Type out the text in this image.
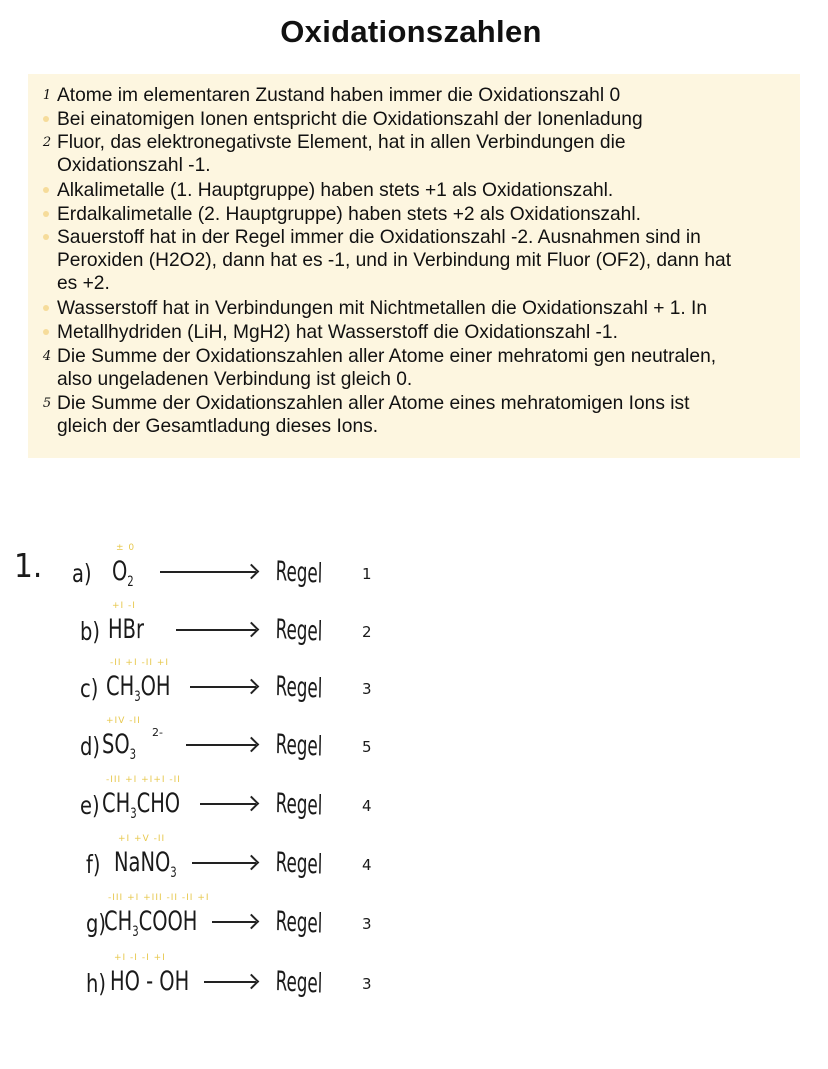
Oxidationszahlen
1 Atome im elementaren Zustand haben immer die Oxidationszahl 0
Bei einatomigen Ionen entspricht die Oxidationszahl der Ionenladung
2 Fluor, das elektronegativste Element, hat in allen Verbindungen die
Oxidationszahl -1.
Alkalimetalle (1. Hauptgruppe) haben stets +1 als Oxidationszahl.
Erdalkalimetalle (2. Hauptgruppe) haben stets +2 als Oxidationszahl.
Sauerstoff hat in der Regel immer die Oxidationszahl -2. Ausnahmen sind in
Peroxiden (H2O2), dann hat es -1, und in Verbindung mit Fluor (OF2), dann hat
es +2.
Wasserstoff hat in Verbindungen mit Nichtmetallen die Oxidationszahl + 1. In
Metallhydriden (LiH, MgH2) hat Wasserstoff die Oxidationszahl -1.
4 Die Summe der Oxidationszahlen aller Atome einer mehratomi gen neutralen,
also ungeladenen Verbindung ist gleich 0.
5 Die Summe der Oxidationszahlen aller Atome eines mehratomigen Ions ist
gleich der Gesamtladung dieses Ions.
1. a)
± 0
$O_2$	Regel	1
b)
+I -I
HBr	Regel	2
c)
-II +I -II +I
$CH_3OH$	Regel	3
d)
+IV -II
$SO_3$
2-	Regel	5
e)
-III +I +I+I -II
$CH_3CHO$	Regel	4
f)
+I +V -II
NaNO$_3$	Regel	4
g)
-III +I +III -II -II +I
$CH_3COOH$	Regel	3
h)
+I -I -I +I
HO - OH	Regel	3
